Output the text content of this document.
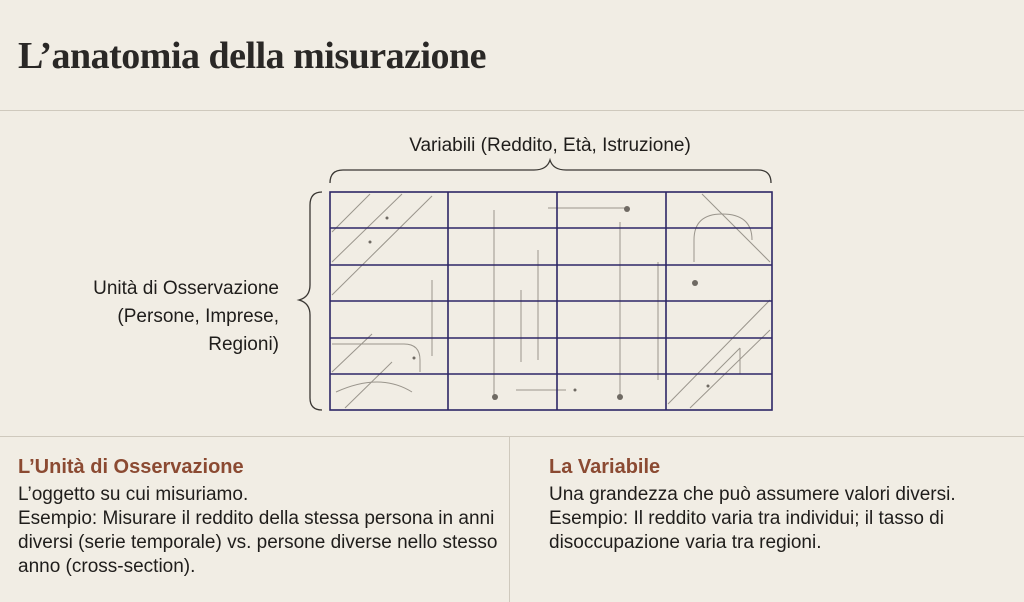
L’anatomia della misurazione
Variabili (Reddito, Età, Istruzione)
Unità di Osservazione
(Persone, Imprese,
Regioni)
L’Unità di Osservazione

L’oggetto su cui misuriamo.
Esempio: Misurare il reddito della stessa persona in anni diversi (serie temporale) vs. persone diverse nello stesso anno (cross-section).

La Variabile

Una grandezza che può assumere valori diversi.
Esempio: Il reddito varia tra individui; il tasso di disoccupazione varia tra regioni.
